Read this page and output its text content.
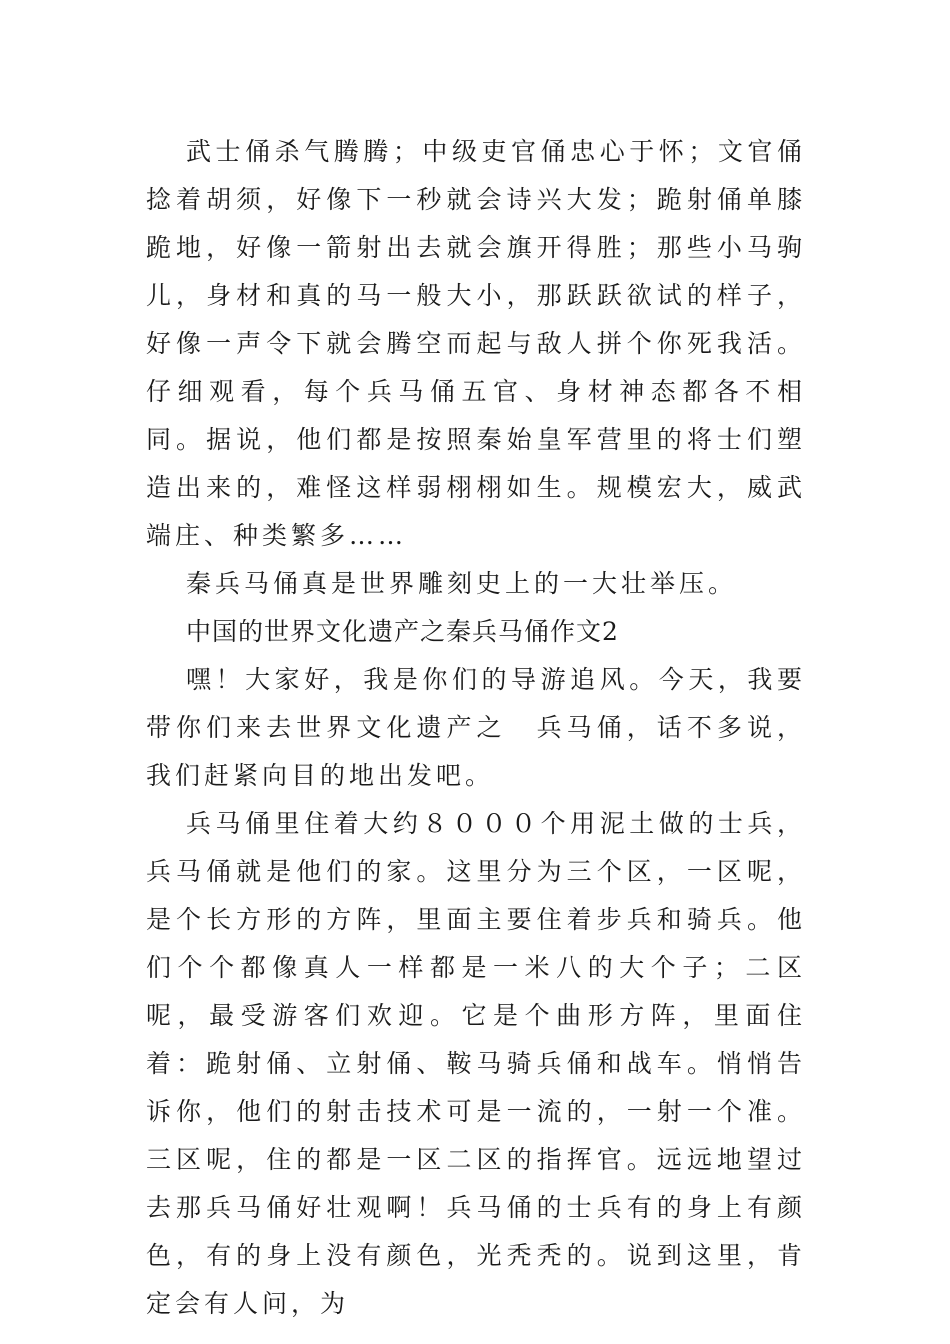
武士俑杀气腾腾；中级吏官俑忠心于怀；文官俑捻着胡须，好像下一秒就会诗兴大发；跪射俑单膝跪地，好像一箭射出去就会旗开得胜；那些小马驹儿，身材和真的马一般大小，那跃跃欲试的样子，好像一声令下就会腾空而起与敌人拼个你死我活。仔细观看，每个兵马俑五官、身材神态都各不相同。据说，他们都是按照秦始皇军营里的将士们塑造出来的，难怪这样弱栩栩如生。规模宏大，威武端庄、种类繁多……

秦兵马俑真是世界雕刻史上的一大壮举压。

中国的世界文化遗产之秦兵马俑作文2

嘿！大家好，我是你们的导游追风。今天，我要带你们来去世界文化遗产之　兵马俑，话不多说，我们赶紧向目的地出发吧。

兵马俑里住着大约８０００个用泥土做的士兵，兵马俑就是他们的家。这里分为三个区，一区呢，是个长方形的方阵，里面主要住着步兵和骑兵。他们个个都像真人一样都是一米八的大个子；二区呢，最受游客们欢迎。它是个曲形方阵，里面住着：跪射俑、立射俑、鞍马骑兵俑和战车。悄悄告诉你，他们的射击技术可是一流的，一射一个准。三区呢，住的都是一区二区的指挥官。远远地望过去那兵马俑好壮观啊！兵马俑的士兵有的身上有颜色，有的身上没有颜色，光秃秃的。说到这里，肯定会有人问，为
